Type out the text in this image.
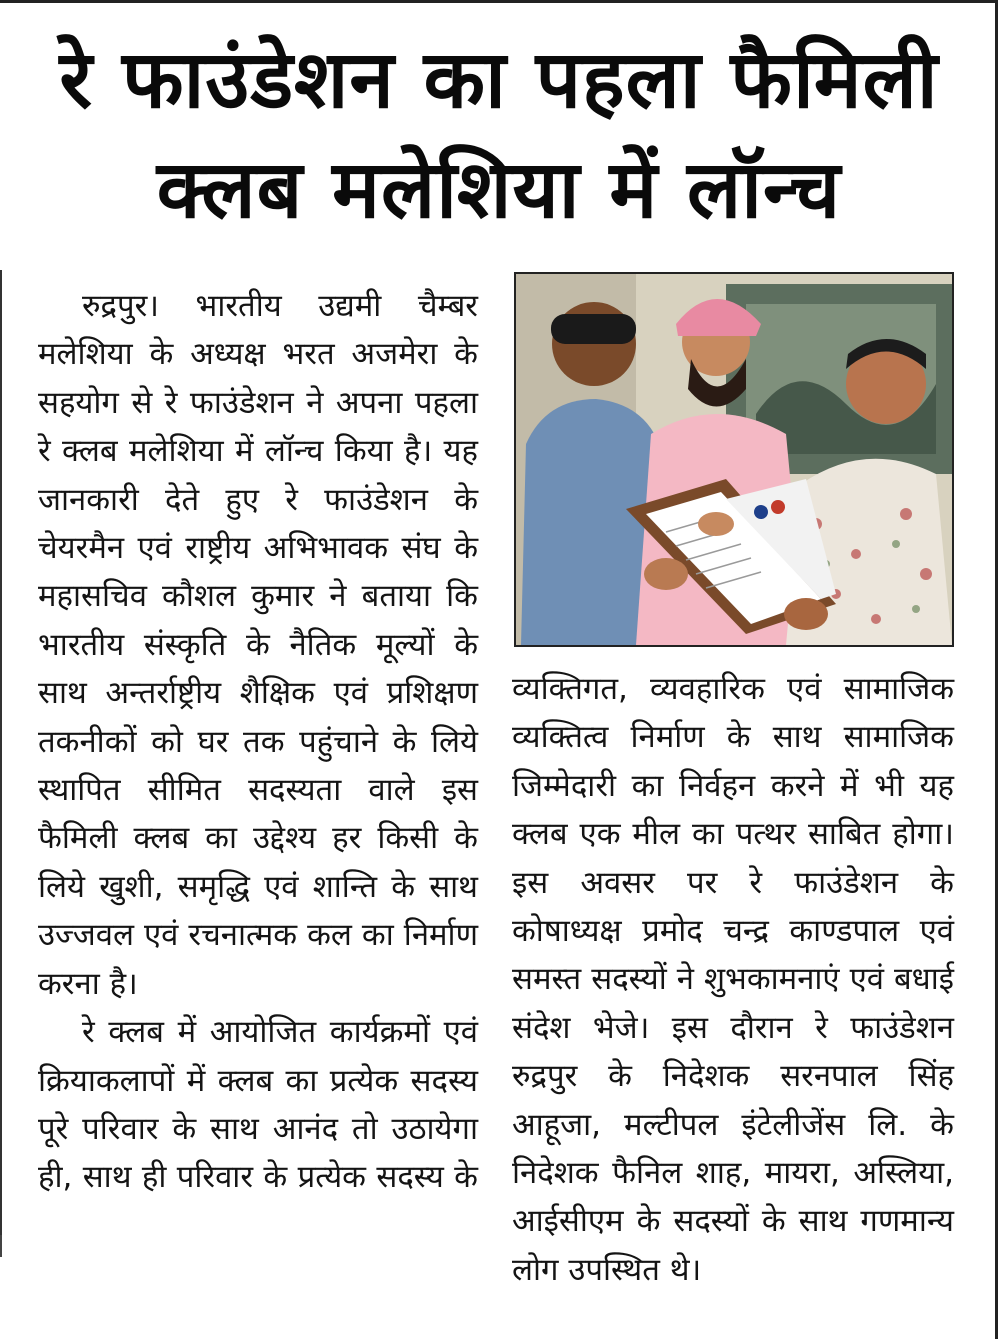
रे फाउंडेशन का पहला फैमिली
क्लब मलेशिया में लॉन्च

रुद्रपुर। भारतीय उद्यमी चैम्बर मलेशिया के अध्यक्ष भरत अजमेरा के सहयोग से रे फाउंडेशन ने अपना पहला रे क्लब मलेशिया में लॉन्च किया है। यह जानकारी देते हुए रे फाउंडेशन के चेयरमैन एवं राष्ट्रीय अभिभावक संघ के महासचिव कौशल कुमार ने बताया कि भारतीय संस्कृति के नैतिक मूल्यों के साथ अन्तर्राष्ट्रीय शैक्षिक एवं प्रशिक्षण तकनीकों को घर तक पहुंचाने के लिये स्थापित सीमित सदस्यता वाले इस फैमिली क्लब का उद्देश्य हर किसी के लिये खुशी, समृद्धि एवं शान्ति के साथ उज्जवल एवं रचनात्मक कल का निर्माण करना है।

रे क्लब में आयोजित कार्यक्रमों एवं क्रियाकलापों में क्लब का प्रत्येक सदस्य पूरे परिवार के साथ आनंद तो उठायेगा ही, साथ ही परिवार के प्रत्येक सदस्य के

व्यक्तिगत, व्यवहारिक एवं सामाजिक व्यक्तित्व निर्माण के साथ सामाजिक जिम्मेदारी का निर्वहन करने में भी यह क्लब एक मील का पत्थर साबित होगा। इस अवसर पर रे फाउंडेशन के कोषाध्यक्ष प्रमोद चन्द्र काण्डपाल एवं समस्त सदस्यों ने शुभकामनाएं एवं बधाई संदेश भेजे। इस दौरान रे फाउंडेशन रुद्रपुर के निदेशक सरनपाल सिंह आहूजा, मल्टीपल इंटेलीजेंस लि. के निदेशक फैनिल शाह, मायरा, अस्लिया, आईसीएम के सदस्यों के साथ गणमान्य लोग उपस्थित थे।
